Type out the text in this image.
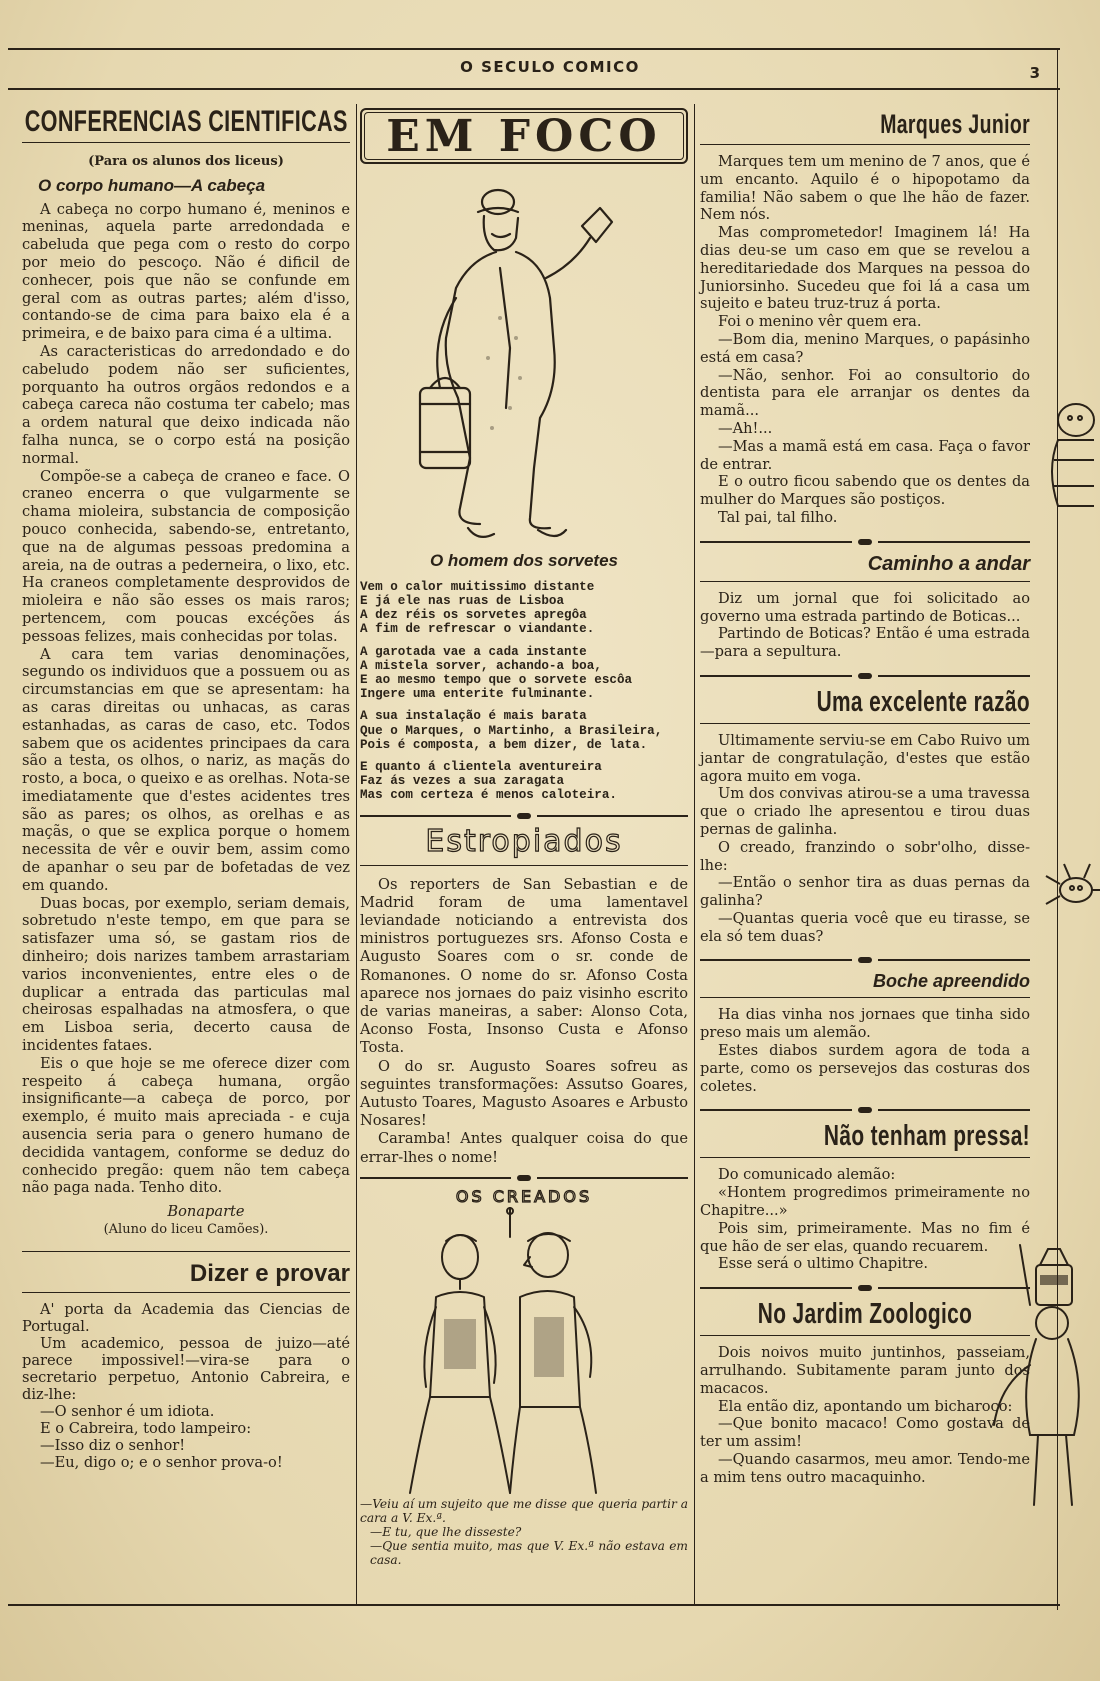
O SECULO COMICO	3
CONFERENCIAS CIENTIFICAS
(Para os alunos dos liceus)
O corpo humano—A cabeça

A cabeça no corpo humano é, meninos e meninas, aquela parte arredondada e cabeluda que pega com o resto do corpo por meio do pescoço. Não é dificil de conhecer, pois que não se confunde em geral com as outras partes; além d'isso, contando-se de cima para baixo ela é a primeira, e de baixo para cima é a ultima.

As caracteristicas do arredondado e do cabeludo podem não ser suficientes, porquanto ha outros orgãos redondos e a cabeça careca não costuma ter cabelo; mas a ordem natural que deixo indicada não falha nunca, se o corpo está na posição normal.

Compõe-se a cabeça de craneo e face. O craneo encerra o que vulgarmente se chama mioleira, substancia de composição pouco conhecida, sabendo-se, entretanto, que na de algumas pessoas predomina a areia, na de outras a pederneira, o lixo, etc. Ha craneos completamente desprovidos de mioleira e não são esses os mais raros; pertencem, com poucas excéções ás pessoas felizes, mais conhecidas por tolas.

A cara tem varias denominações, segundo os individuos que a possuem ou as circumstancias em que se apresentam: ha as caras direitas ou unhacas, as caras estanhadas, as caras de caso, etc. Todos sabem que os acidentes principaes da cara são a testa, os olhos, o nariz, as maçãs do rosto, a boca, o queixo e as orelhas. Nota-se imediatamente que d'estes acidentes tres são as pares; os olhos, as orelhas e as maçãs, o que se explica porque o homem necessita de vêr e ouvir bem, assim como de apanhar o seu par de bofetadas de vez em quando.

Duas bocas, por exemplo, seriam demais, sobretudo n'este tempo, em que para se satisfazer uma só, se gastam rios de dinheiro; dois narizes tambem arrastariam varios inconvenientes, entre eles o de duplicar a entrada das particulas mal cheirosas espalhadas na atmosfera, o que em Lisboa seria, decerto causa de incidentes fataes.

Eis o que hoje se me oferece dizer com respeito á cabeça humana, orgão insignificante—a cabeça de porco, por exemplo, é muito mais apreciada - e cuja ausencia seria para o genero humano de decidida vantagem, conforme se deduz do conhecido pregão: quem não tem cabeça não paga nada. Tenho dito.

Bonaparte
(Aluno do liceu Camões).
Dizer e provar

A' porta da Academia das Ciencias de Portugal.

Um academico, pessoa de juizo—até parece impossivel!—vira-se para o secretario perpetuo, Antonio Cabreira, e diz-lhe:

—O senhor é um idiota.

E o Cabreira, todo lampeiro:

—Isso diz o senhor!

—Eu, digo o; e o senhor prova-o!

EM FOCO
O homem dos sorvetes

Vem o calor muitissimo distante

E já ele nas ruas de Lisboa

A dez réis os sorvetes apregôa

A fim de refrescar o viandante.

A garotada vae a cada instante

A mistela sorver, achando-a boa,

E ao mesmo tempo que o sorvete escôa

Ingere uma enterite fulminante.

A sua instalação é mais barata

Que o Marques, o Martinho, a Brasileira,

Pois é composta, a bem dizer, de lata.

E quanto á clientela aventureira

Faz ás vezes a sua zaragata

Mas com certeza é menos caloteira.

Estropiados

Os reporters de San Sebastian e de Madrid foram de uma lamentavel leviandade noticiando a entrevista dos ministros portuguezes srs. Afonso Costa e Augusto Soares com o sr. conde de Romanones. O nome do sr. Afonso Costa aparece nos jornaes do paiz visinho escrito de varias maneiras, a saber: Alonso Cota, Aconso Fosta, Insonso Custa e Afonso Tosta.

O do sr. Augusto Soares sofreu as seguintes transformações: Assutso Goares, Autusto Toares, Magusto Asoares e Arbusto Nosares!

Caramba! Antes qualquer coisa do que errar-lhes o nome!

OS CREADOS

—Veiu aí um sujeito que me disse que queria partir a cara a V. Ex.ª.

—E tu, que lhe disseste?

—Que sentia muito, mas que V. Ex.ª não estava em casa.

Marques Junior

Marques tem um menino de 7 anos, que é um encanto. Aquilo é o hipopotamo da familia! Não sabem o que lhe hão de fazer. Nem nós.

Mas comprometedor! Imaginem lá! Ha dias deu-se um caso em que se revelou a hereditariedade dos Marques na pessoa do Juniorsinho. Sucedeu que foi lá a casa um sujeito e bateu truz-truz á porta.

Foi o menino vêr quem era.

—Bom dia, menino Marques, o papásinho está em casa?

—Não, senhor. Foi ao consultorio do dentista para ele arranjar os dentes da mamã...

—Ah!...

—Mas a mamã está em casa. Faça o favor de entrar.

E o outro ficou sabendo que os dentes da mulher do Marques são postiços.

Tal pai, tal filho.

Caminho a andar

Diz um jornal que foi solicitado ao governo uma estrada partindo de Boticas...

Partindo de Boticas? Então é uma estrada—para a sepultura.

Uma excelente razão

Ultimamente serviu-se em Cabo Ruivo um jantar de congratulação, d'estes que estão agora muito em voga.

Um dos convivas atirou-se a uma travessa que o criado lhe apresentou e tirou duas pernas de galinha.

O creado, franzindo o sobr'olho, disse-lhe:

—Então o senhor tira as duas pernas da galinha?

—Quantas queria você que eu tirasse, se ela só tem duas?

Boche apreendido

Ha dias vinha nos jornaes que tinha sido preso mais um alemão.

Estes diabos surdem agora de toda a parte, como os persevejos das costuras dos coletes.

Não tenham pressa!

Do comunicado alemão:

«Hontem progredimos primeiramente no Chapitre...»

Pois sim, primeiramente. Mas no fim é que hão de ser elas, quando recuarem.

Esse será o ultimo Chapitre.

No Jardim Zoologico

Dois noivos muito juntinhos, passeiam, arrulhando. Subitamente param junto dos macacos.

Ela então diz, apontando um bicharoco:

—Que bonito macaco! Como gostava de ter um assim!

—Quando casarmos, meu amor. Tendo-me a mim tens outro macaquinho.
